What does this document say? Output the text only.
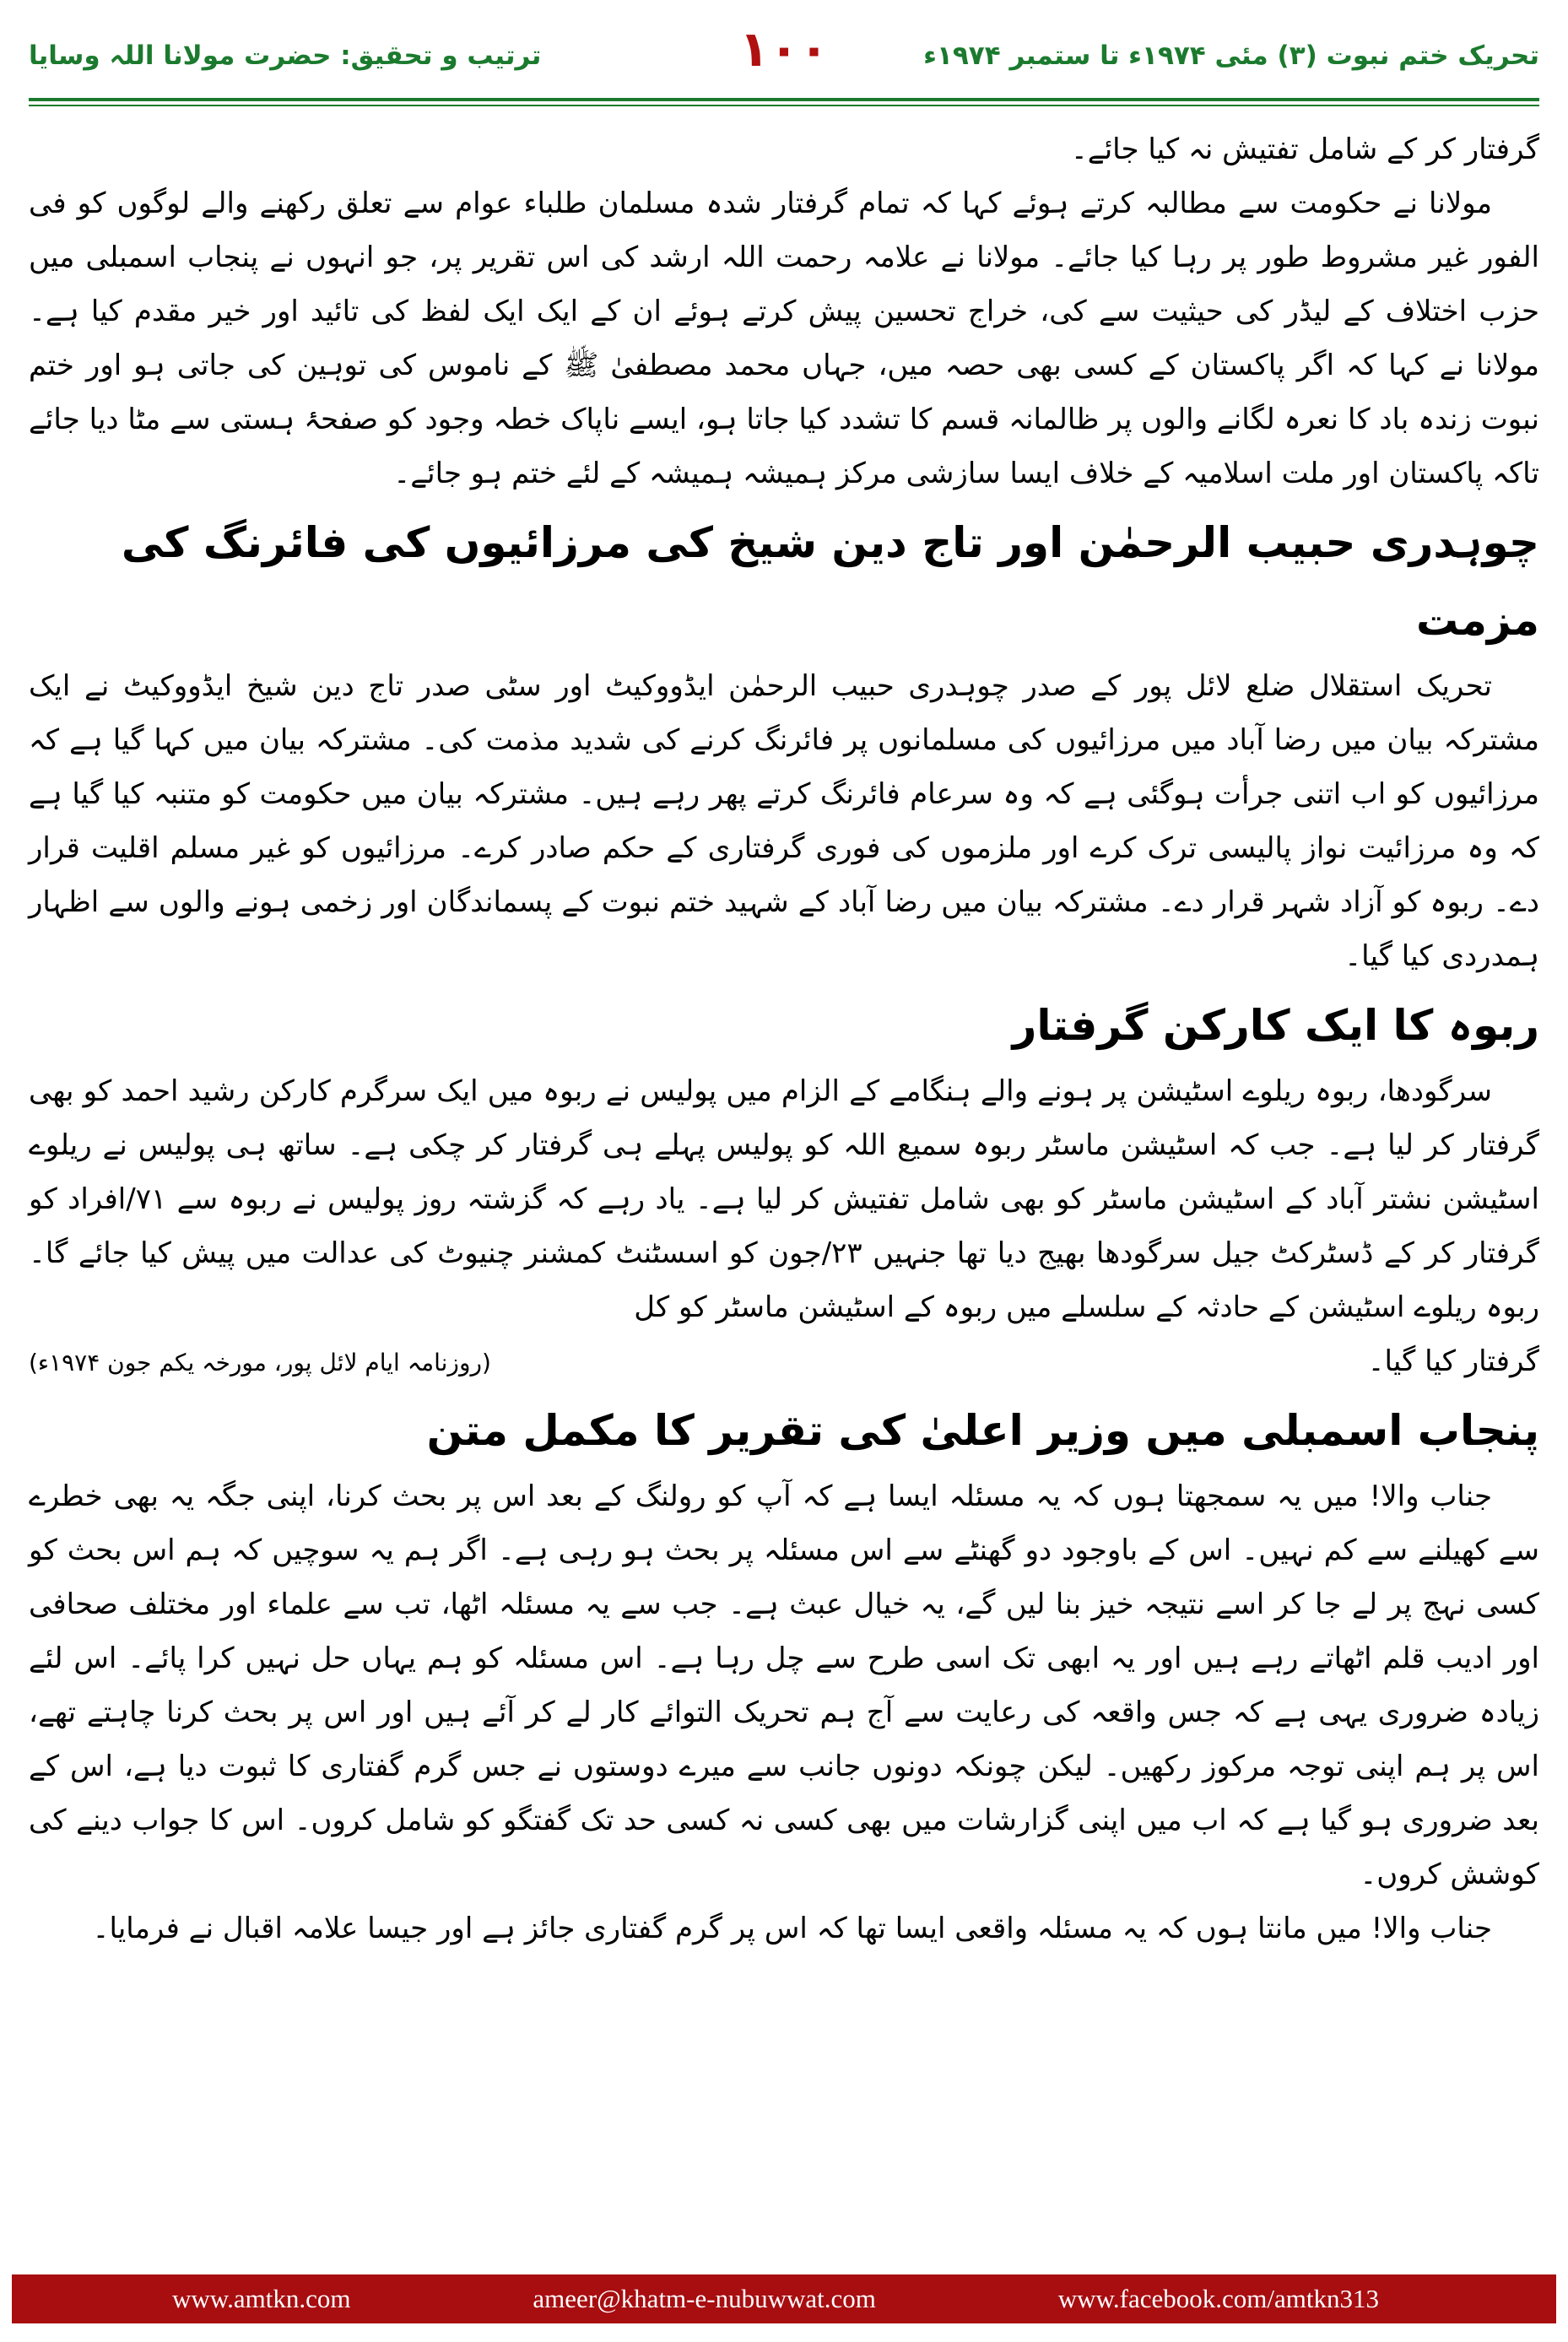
تحریک ختم نبوت (۳) مئی ۱۹۷۴ء تا ستمبر ۱۹۷۴ء
۱۰۰
ترتیب و تحقیق: حضرت مولانا اللہ وسایا

گرفتار کر کے شامل تفتیش نہ کیا جائے۔

مولانا نے حکومت سے مطالبہ کرتے ہوئے کہا کہ تمام گرفتار شدہ مسلمان طلباء عوام سے تعلق رکھنے والے لوگوں کو فی الفور غیر مشروط طور پر رہا کیا جائے۔ مولانا نے علامہ رحمت اللہ ارشد کی اس تقریر پر، جو انہوں نے پنجاب اسمبلی میں حزب اختلاف کے لیڈر کی حیثیت سے کی، خراج تحسین پیش کرتے ہوئے ان کے ایک ایک لفظ کی تائید اور خیر مقدم کیا ہے۔ مولانا نے کہا کہ اگر پاکستان کے کسی بھی حصہ میں، جہاں محمد مصطفیٰ ﷺ کے ناموس کی توہین کی جاتی ہو اور ختم نبوت زندہ باد کا نعرہ لگانے والوں پر ظالمانہ قسم کا تشدد کیا جاتا ہو، ایسے ناپاک خطہ وجود کو صفحۂ ہستی سے مٹا دیا جائے تاکہ پاکستان اور ملت اسلامیہ کے خلاف ایسا سازشی مرکز ہمیشہ ہمیشہ کے لئے ختم ہو جائے۔

چوہدری حبیب الرحمٰن اور تاج دین شیخ کی مرزائیوں کی فائرنگ کی مزمت

تحریک استقلال ضلع لائل پور کے صدر چوہدری حبیب الرحمٰن ایڈووکیٹ اور سٹی صدر تاج دین شیخ ایڈووکیٹ نے ایک مشترکہ بیان میں رضا آباد میں مرزائیوں کی مسلمانوں پر فائرنگ کرنے کی شدید مذمت کی۔ مشترکہ بیان میں کہا گیا ہے کہ مرزائیوں کو اب اتنی جرأت ہوگئی ہے کہ وہ سرعام فائرنگ کرتے پھر رہے ہیں۔ مشترکہ بیان میں حکومت کو متنبہ کیا گیا ہے کہ وہ مرزائیت نواز پالیسی ترک کرے اور ملزموں کی فوری گرفتاری کے حکم صادر کرے۔ مرزائیوں کو غیر مسلم اقلیت قرار دے۔ ربوہ کو آزاد شہر قرار دے۔ مشترکہ بیان میں رضا آباد کے شہید ختم نبوت کے پسماندگان اور زخمی ہونے والوں سے اظہار ہمدردی کیا گیا۔

ربوہ کا ایک کارکن گرفتار

سرگودھا، ربوہ ریلوے اسٹیشن پر ہونے والے ہنگامے کے الزام میں پولیس نے ربوہ میں ایک سرگرم کارکن رشید احمد کو بھی گرفتار کر لیا ہے۔ جب کہ اسٹیشن ماسٹر ربوہ سمیع اللہ کو پولیس پہلے ہی گرفتار کر چکی ہے۔ ساتھ ہی پولیس نے ریلوے اسٹیشن نشتر آباد کے اسٹیشن ماسٹر کو بھی شامل تفتیش کر لیا ہے۔ یاد رہے کہ گزشتہ روز پولیس نے ربوہ سے ۷۱/افراد کو گرفتار کر کے ڈسٹرکٹ جیل سرگودھا بھیج دیا تھا جنہیں ۲۳/جون کو اسسٹنٹ کمشنر چنیوٹ کی عدالت میں پیش کیا جائے گا۔ ربوہ ریلوے اسٹیشن کے حادثہ کے سلسلے میں ربوہ کے اسٹیشن ماسٹر کو کل

گرفتار کیا گیا۔
(روزنامہ ایام لائل پور، مورخہ یکم جون ۱۹۷۴ء)
پنجاب اسمبلی میں وزیر اعلیٰ کی تقریر کا مکمل متن

جناب والا! میں یہ سمجھتا ہوں کہ یہ مسئلہ ایسا ہے کہ آپ کو رولنگ کے بعد اس پر بحث کرنا، اپنی جگہ یہ بھی خطرے سے کھیلنے سے کم نہیں۔ اس کے باوجود دو گھنٹے سے اس مسئلہ پر بحث ہو رہی ہے۔ اگر ہم یہ سوچیں کہ ہم اس بحث کو کسی نہج پر لے جا کر اسے نتیجہ خیز بنا لیں گے، یہ خیال عبث ہے۔ جب سے یہ مسئلہ اٹھا، تب سے علماء اور مختلف صحافی اور ادیب قلم اٹھاتے رہے ہیں اور یہ ابھی تک اسی طرح سے چل رہا ہے۔ اس مسئلہ کو ہم یہاں حل نہیں کرا پائے۔ اس لئے زیادہ ضروری یہی ہے کہ جس واقعہ کی رعایت سے آج ہم تحریک التوائے کار لے کر آئے ہیں اور اس پر بحث کرنا چاہتے تھے، اس پر ہم اپنی توجہ مرکوز رکھیں۔ لیکن چونکہ دونوں جانب سے میرے دوستوں نے جس گرم گفتاری کا ثبوت دیا ہے، اس کے بعد ضروری ہو گیا ہے کہ اب میں اپنی گزارشات میں بھی کسی نہ کسی حد تک گفتگو کو شامل کروں۔ اس کا جواب دینے کی کوشش کروں۔

جناب والا! میں مانتا ہوں کہ یہ مسئلہ واقعی ایسا تھا کہ اس پر گرم گفتاری جائز ہے اور جیسا علامہ اقبال نے فرمایا۔

www.amtkn.com	ameer@khatm-e-nubuwwat.com	www.facebook.com/amtkn313
